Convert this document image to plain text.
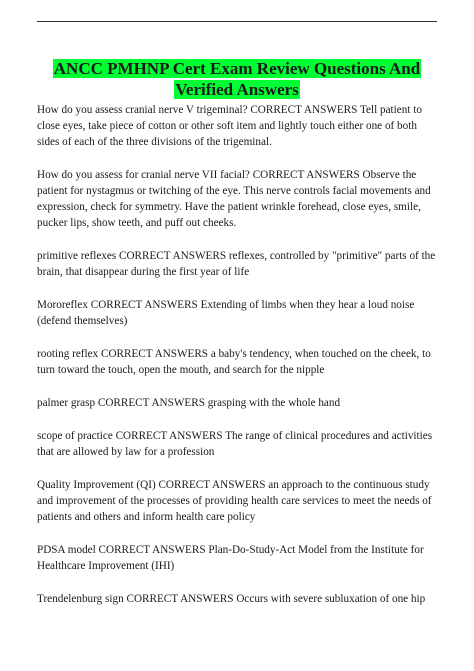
ANCC PMHNP Cert Exam Review Questions And Verified Answers

How do you assess cranial nerve V trigeminal? CORRECT ANSWERS Tell patient to close eyes, take piece of cotton or other soft item and lightly touch either one of both sides of each of the three divisions of the trigeminal.

How do you assess for cranial nerve VII facial? CORRECT ANSWERS Observe the patient for nystagmus or twitching of the eye. This nerve controls facial movements and expression, check for symmetry. Have the patient wrinkle forehead, close eyes, smile, pucker lips, show teeth, and puff out cheeks.

primitive reflexes CORRECT ANSWERS reflexes, controlled by "primitive" parts of the brain, that disappear during the first year of life

Mororeflex CORRECT ANSWERS Extending of limbs when they hear a loud noise (defend themselves)

rooting reflex CORRECT ANSWERS a baby's tendency, when touched on the cheek, to turn toward the touch, open the mouth, and search for the nipple

palmer grasp CORRECT ANSWERS grasping with the whole hand

scope of practice CORRECT ANSWERS The range of clinical procedures and activities that are allowed by law for a profession

Quality Improvement (QI) CORRECT ANSWERS an approach to the continuous study and improvement of the processes of providing health care services to meet the needs of patients and others and inform health care policy

PDSA model CORRECT ANSWERS Plan-Do-Study-Act Model from the Institute for Healthcare Improvement (IHI)

Trendelenburg sign CORRECT ANSWERS Occurs with severe subluxation of one hip
